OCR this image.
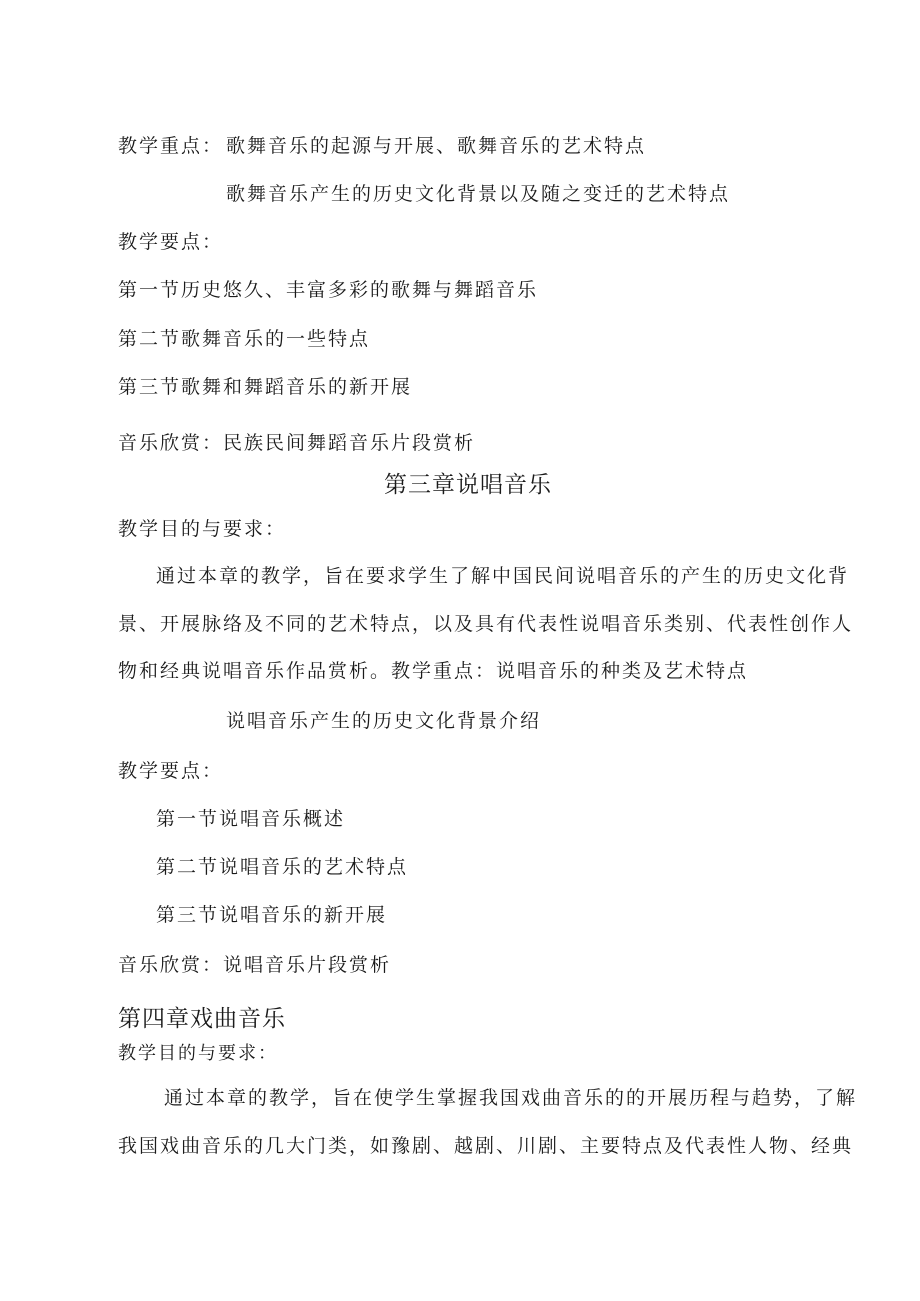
教学重点： 歌舞音乐的起源与开展、歌舞音乐的艺术特点
歌舞音乐产生的历史文化背景以及随之变迁的艺术特点
教学要点：
第一节历史悠久、丰富多彩的歌舞与舞蹈音乐
第二节歌舞音乐的一些特点
第三节歌舞和舞蹈音乐的新开展
音乐欣赏：民族民间舞蹈音乐片段赏析
第三章说唱音乐
教学目的与要求：
通过本章的教学，旨在要求学生了解中国民间说唱音乐的产生的历史文化背
景、开展脉络及不同的艺术特点，以及具有代表性说唱音乐类别、代表性创作人
物和经典说唱音乐作品赏析。教学重点：说唱音乐的种类及艺术特点
说唱音乐产生的历史文化背景介绍
教学要点：
第一节说唱音乐概述
第二节说唱音乐的艺术特点
第三节说唱音乐的新开展
音乐欣赏：说唱音乐片段赏析
第四章戏曲音乐
教学目的与要求：
通过本章的教学，旨在使学生掌握我国戏曲音乐的的开展历程与趋势，了解
我国戏曲音乐的几大门类，如豫剧、越剧、川剧、主要特点及代表性人物、经典
